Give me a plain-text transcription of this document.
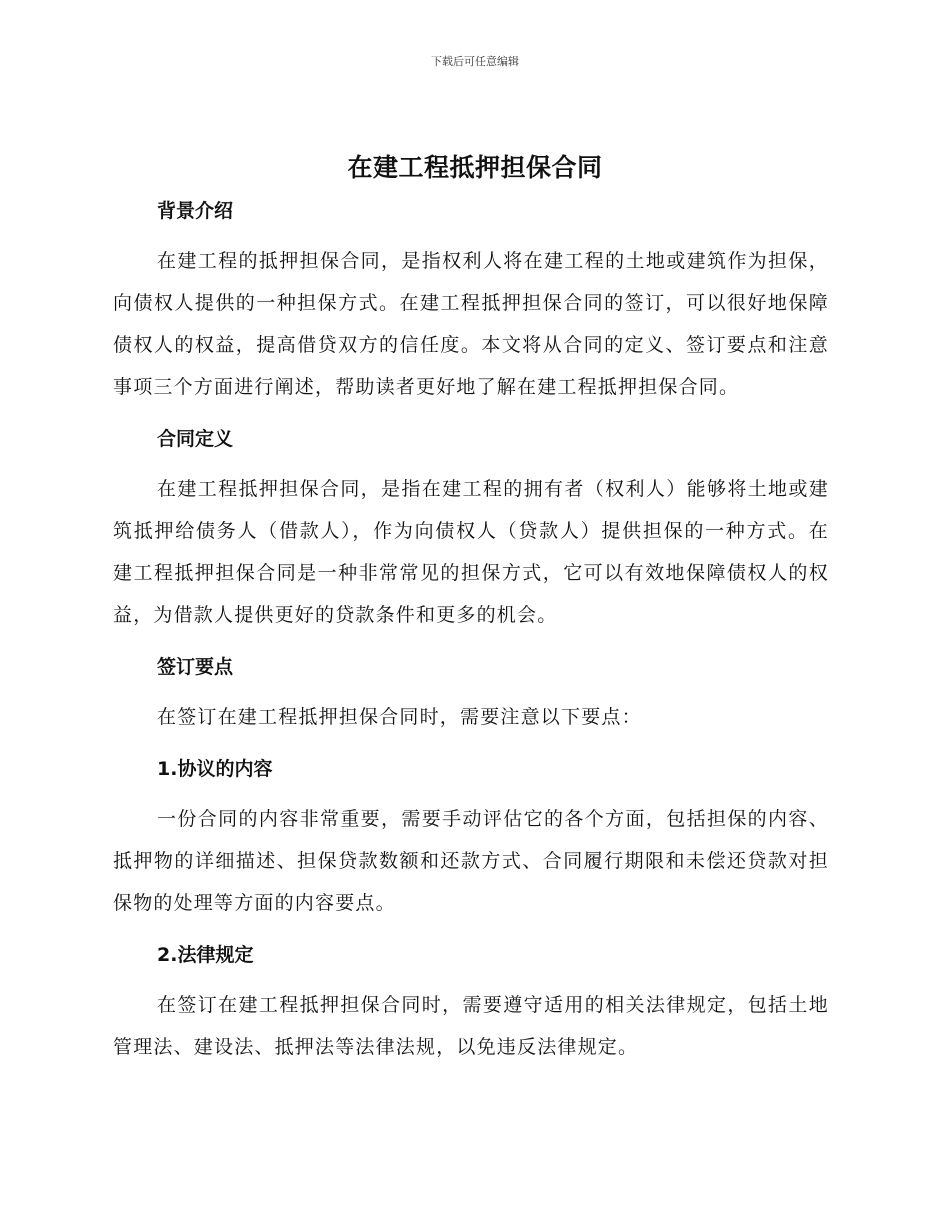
下载后可任意编辑
在建工程抵押担保合同
背景介绍
在建工程的抵押担保合同，是指权利人将在建工程的土地或建筑作为担保，向债权人提供的一种担保方式。在建工程抵押担保合同的签订，可以很好地保障债权人的权益，提高借贷双方的信任度。本文将从合同的定义、签订要点和注意事项三个方面进行阐述，帮助读者更好地了解在建工程抵押担保合同。
合同定义
在建工程抵押担保合同，是指在建工程的拥有者（权利人）能够将土地或建筑抵押给债务人（借款人），作为向债权人（贷款人）提供担保的一种方式。在建工程抵押担保合同是一种非常常见的担保方式，它可以有效地保障债权人的权益，为借款人提供更好的贷款条件和更多的机会。
签订要点
在签订在建工程抵押担保合同时，需要注意以下要点：
1.协议的内容
一份合同的内容非常重要，需要手动评估它的各个方面，包括担保的内容、抵押物的详细描述、担保贷款数额和还款方式、合同履行期限和未偿还贷款对担保物的处理等方面的内容要点。
2.法律规定
在签订在建工程抵押担保合同时，需要遵守适用的相关法律规定，包括土地管理法、建设法、抵押法等法律法规，以免违反法律规定。
